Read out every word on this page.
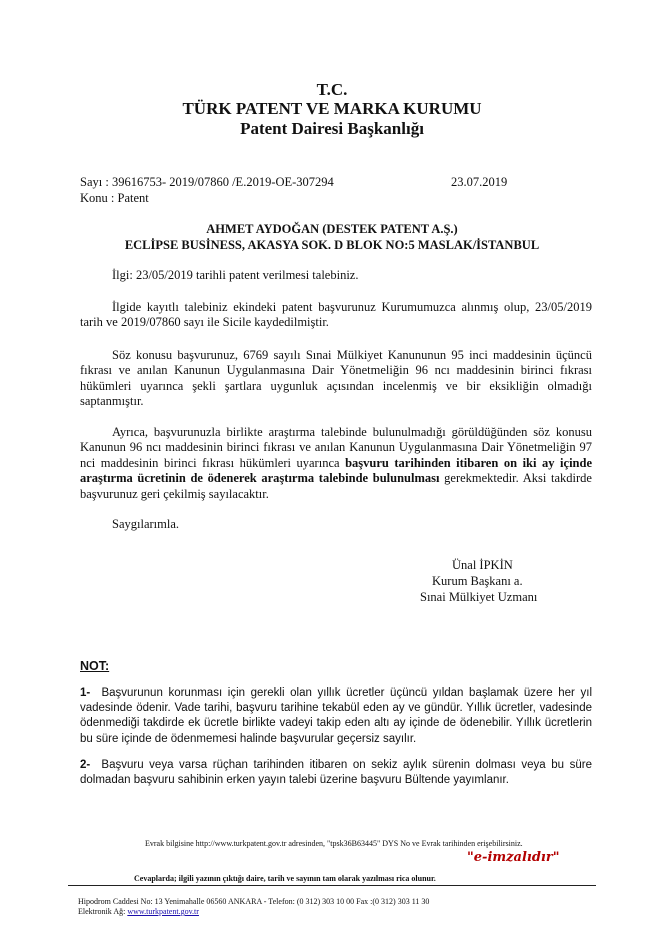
T.C.
TÜRK PATENT VE MARKA KURUMU
Patent Dairesi Başkanlığı
Sayı : 39616753- 2019/07860 /E.2019-OE-307294	23.07.2019
Konu : Patent
AHMET AYDOĞAN (DESTEK PATENT A.Ş.)
ECLİPSE BUSİNESS, AKASYA SOK. D BLOK NO:5 MASLAK/İSTANBUL

İlgi: 23/05/2019 tarihli patent verilmesi talebiniz.

İlgide kayıtlı talebiniz ekindeki patent başvurunuz Kurumumuzca alınmış olup, 23/05/2019 tarih ve 2019/07860 sayı ile Sicile kaydedilmiştir.

Söz konusu başvurunuz, 6769 sayılı Sınai Mülkiyet Kanununun 95 inci maddesinin üçüncü fıkrası ve anılan Kanunun Uygulanmasına Dair Yönetmeliğin 96 ncı maddesinin birinci fıkrası hükümleri uyarınca şekli şartlara uygunluk açısından incelenmiş ve bir eksikliğin olmadığı saptanmıştır.

Ayrıca, başvurunuzla birlikte araştırma talebinde bulunulmadığı görüldüğünden söz konusu Kanunun 96 ncı maddesinin birinci fıkrası ve anılan Kanunun Uygulanmasına Dair Yönetmeliğin 97 nci maddesinin birinci fıkrası hükümleri uyarınca başvuru tarihinden itibaren on iki ay içinde araştırma ücretinin de ödenerek araştırma talebinde bulunulması gerekmektedir. Aksi takdirde başvurunuz geri çekilmiş sayılacaktır.

Saygılarımla.
Ünal İPKİN
Kurum Başkanı a.
Sınai Mülkiyet Uzmanı
NOT:
1- Başvurunun korunması için gerekli olan yıllık ücretler üçüncü yıldan başlamak üzere her yıl vadesinde ödenir. Vade tarihi, başvuru tarihine tekabül eden ay ve gündür. Yıllık ücretler, vadesinde ödenmediği takdirde ek ücretle birlikte vadeyi takip eden altı ay içinde de ödenebilir. Yıllık ücretlerin bu süre içinde de ödenmemesi halinde başvurular geçersiz sayılır.
2- Başvuru veya varsa rüçhan tarihinden itibaren on sekiz aylık sürenin dolması veya bu süre dolmadan başvuru sahibinin erken yayın talebi üzerine başvuru Bültende yayımlanır.
Evrak bilgisine http://www.turkpatent.gov.tr adresinden, "tpsk36B63445" DYS No ve Evrak tarihinden erişebilirsiniz.
"e-imzalıdır"
Cevaplarda; ilgili yazının çıktığı daire, tarih ve sayının tam olarak yazılması rica olunur.
Hipodrom Caddesi No: 13 Yenimahalle 06560 ANKARA - Telefon: (0 312) 303 10 00 Fax :(0 312) 303 11 30
Elektronik Ağ: www.turkpatent.gov.tr
